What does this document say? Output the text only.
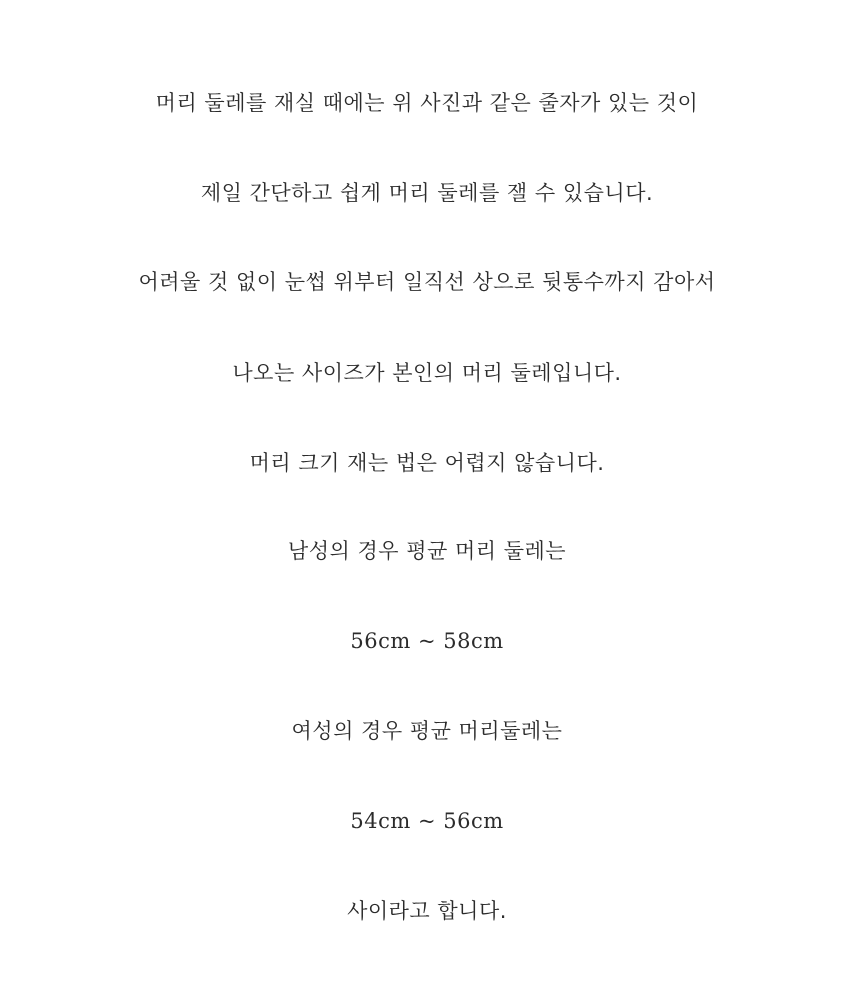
머리 둘레를 재실 때에는 위 사진과 같은 줄자가 있는 것이
제일 간단하고 쉽게 머리 둘레를 잴 수 있습니다.
어려울 것 없이 눈썹 위부터 일직선 상으로 뒷통수까지 감아서
나오는 사이즈가 본인의 머리 둘레입니다.
머리 크기 재는 법은 어렵지 않습니다.
남성의 경우 평균 머리 둘레는
56cm ~ 58cm
여성의 경우 평균 머리둘레는
54cm ~ 56cm
사이라고 합니다.
